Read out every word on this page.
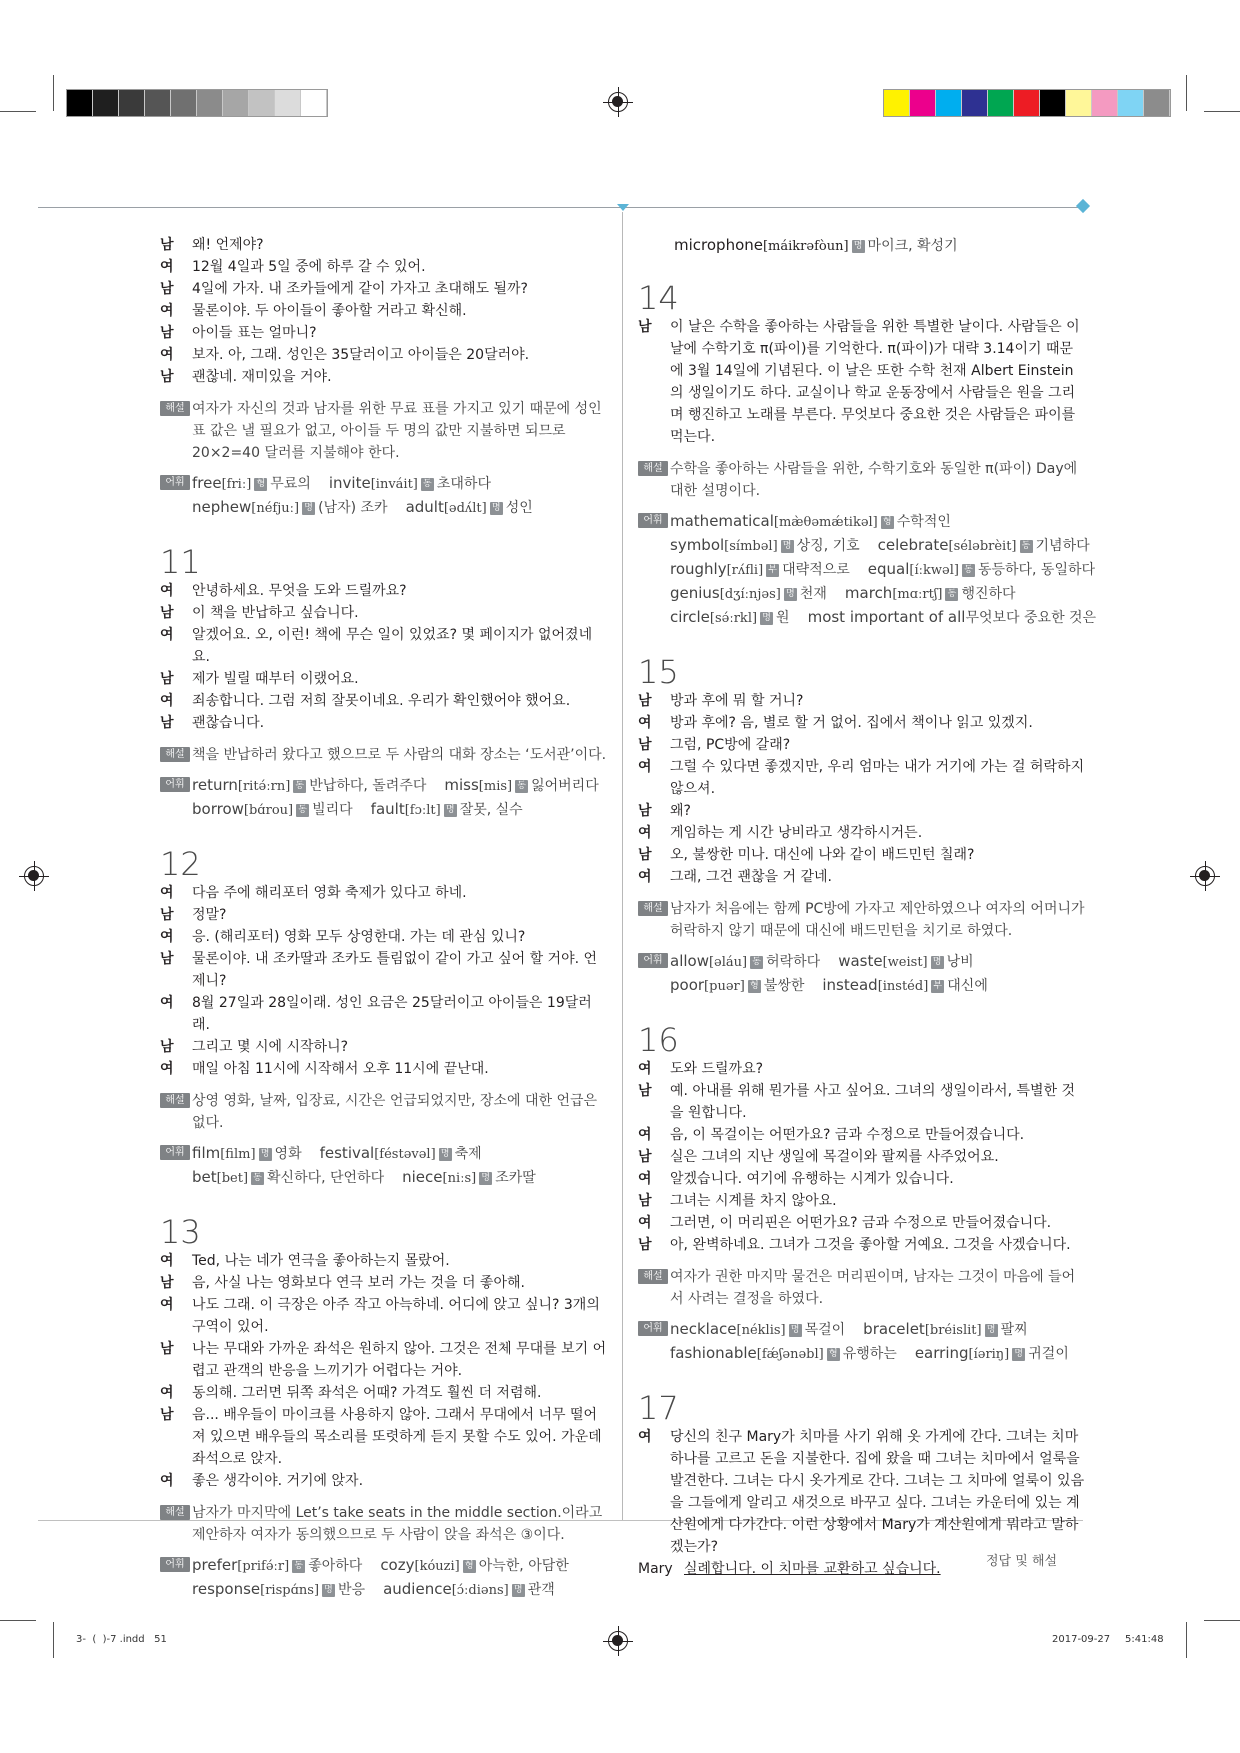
남	왜! 언제야?
여	12월 4일과 5일 중에 하루 갈 수 있어.
남	4일에 가자. 내 조카들에게 같이 가자고 초대해도 될까?
여	물론이야. 두 아이들이 좋아할 거라고 확신해.
남	아이들 표는 얼마니?
여	보자. 아, 그래. 성인은 35달러이고 아이들은 20달러야.
남	괜찮네. 재미있을 거야.
해설 여자가 자신의 것과 남자를 위한 무료 표를 가지고 있기 때문에 성인 표 값은 낼 필요가 없고, 아이들 두 명의 값만 지불하면 되므로 20×2=40 달러를 지불해야 한다.
어휘 free[friː] 형 무료의 invite[inváit] 동 초대하다
nephew[néfjuː] 명 (남자) 조카 adult[ədʌ́lt] 명 성인

11

여	안녕하세요. 무엇을 도와 드릴까요?
남	이 책을 반납하고 싶습니다.
여	알겠어요. 오, 이런! 책에 무슨 일이 있었죠? 몇 페이지가 없어졌네요.
남	제가 빌릴 때부터 이랬어요.
여	죄송합니다. 그럼 저희 잘못이네요. 우리가 확인했어야 했어요.
남	괜찮습니다.
해설 책을 반납하러 왔다고 했으므로 두 사람의 대화 장소는 ‘도서관’이다.
어휘 return[ritə́ːrn] 동 반납하다, 돌려주다 miss[mis] 동 잃어버리다
borrow[bɑ́rou] 동 빌리다 fault[fɔːlt] 명 잘못, 실수

12

여	다음 주에 해리포터 영화 축제가 있다고 하네.
남	정말?
여	응. (해리포터) 영화 모두 상영한대. 가는 데 관심 있니?
남	물론이야. 내 조카딸과 조카도 틀림없이 같이 가고 싶어 할 거야. 언제니?
여	8월 27일과 28일이래. 성인 요금은 25달러이고 아이들은 19달러래.
남	그리고 몇 시에 시작하니?
여	매일 아침 11시에 시작해서 오후 11시에 끝난대.
해설 상영 영화, 날짜, 입장료, 시간은 언급되었지만, 장소에 대한 언급은 없다.
어휘 film[film] 명 영화 festival[féstəvəl] 명 축제
bet[bet] 동 확신하다, 단언하다 niece[niːs] 명 조카딸

13

여	Ted, 나는 네가 연극을 좋아하는지 몰랐어.
남	음, 사실 나는 영화보다 연극 보러 가는 것을 더 좋아해.
여	나도 그래. 이 극장은 아주 작고 아늑하네. 어디에 앉고 싶니? 3개의 구역이 있어.
남	나는 무대와 가까운 좌석은 원하지 않아. 그것은 전체 무대를 보기 어렵고 관객의 반응을 느끼기가 어렵다는 거야.
여	동의해. 그러면 뒤쪽 좌석은 어때? 가격도 훨씬 더 저렴해.
남	음... 배우들이 마이크를 사용하지 않아. 그래서 무대에서 너무 떨어져 있으면 배우들의 목소리를 또렷하게 듣지 못할 수도 있어. 가운데 좌석으로 앉자.
여	좋은 생각이야. 거기에 앉자.
해설 남자가 마지막에 Let’s take seats in the middle section.이라고 제안하자 여자가 동의했으므로 두 사람이 앉을 좌석은 ③이다.
어휘 prefer[prifə́ːr] 동 좋아하다 cozy[kóuzi] 형 아늑한, 아담한
response[rispɑ́ns] 명 반응 audience[ɔ́ːdiəns] 명 관객
microphone[máikrəfòun] 명 마이크, 확성기

14

남	이 날은 수학을 좋아하는 사람들을 위한 특별한 날이다. 사람들은 이 날에 수학기호 π(파이)를 기억한다. π(파이)가 대략 3.14이기 때문에 3월 14일에 기념된다. 이 날은 또한 수학 천재 Albert Einstein의 생일이기도 하다. 교실이나 학교 운동장에서 사람들은 원을 그리며 행진하고 노래를 부른다. 무엇보다 중요한 것은 사람들은 파이를 먹는다.
해설 수학을 좋아하는 사람들을 위한, 수학기호와 동일한 π(파이) Day에 대한 설명이다.
어휘 mathematical[mæ̀θəmǽtikəl] 형 수학적인
symbol[símbəl] 명 상징, 기호 celebrate[séləbrèit] 동 기념하다
roughly[rʌ́fli] 부 대략적으로 equal[íːkwəl] 동 동등하다, 동일하다
genius[dʒíːnjəs] 명 천재 march[mɑːrtʃ] 동 행진하다
circle[sə́ːrkl] 명 원 most important of all무엇보다 중요한 것은

15

남	방과 후에 뭐 할 거니?
여	방과 후에? 음, 별로 할 거 없어. 집에서 책이나 읽고 있겠지.
남	그럼, PC방에 갈래?
여	그럴 수 있다면 좋겠지만, 우리 엄마는 내가 거기에 가는 걸 허락하지 않으셔.
남	왜?
여	게임하는 게 시간 낭비라고 생각하시거든.
남	오, 불쌍한 미나. 대신에 나와 같이 배드민턴 칠래?
여	그래, 그건 괜찮을 거 같네.
해설 남자가 처음에는 함께 PC방에 가자고 제안하였으나 여자의 어머니가 허락하지 않기 때문에 대신에 배드민턴을 치기로 하였다.
어휘 allow[əláu] 동 허락하다 waste[weist] 명 낭비
poor[puər] 형 불쌍한 instead[instéd] 부 대신에

16

여	도와 드릴까요?
남	예. 아내를 위해 뭔가를 사고 싶어요. 그녀의 생일이라서, 특별한 것을 원합니다.
여	음, 이 목걸이는 어떤가요? 금과 수정으로 만들어졌습니다.
남	실은 그녀의 지난 생일에 목걸이와 팔찌를 사주었어요.
여	알겠습니다. 여기에 유행하는 시계가 있습니다.
남	그녀는 시계를 차지 않아요.
여	그러면, 이 머리핀은 어떤가요? 금과 수정으로 만들어졌습니다.
남	아, 완벽하네요. 그녀가 그것을 좋아할 거예요. 그것을 사겠습니다.
해설 여자가 권한 마지막 물건은 머리핀이며, 남자는 그것이 마음에 들어서 사려는 결정을 하였다.
어휘 necklace[néklis] 명 목걸이 bracelet[bréislit] 명 팔찌
fashionable[fǽʃənəbl] 형 유행하는 earring[íəriŋ] 명 귀걸이

17

여	당신의 친구 Mary가 치마를 사기 위해 옷 가게에 간다. 그녀는 치마 하나를 고르고 돈을 지불한다. 집에 왔을 때 그녀는 치마에서 얼룩을 발견한다. 그녀는 다시 옷가게로 간다. 그녀는 그 치마에 얼룩이 있음을 그들에게 알리고 새것으로 바꾸고 싶다. 그녀는 카운터에 있는 계산원에게 다가간다. 이런 상황에서 Mary가 계산원에게 뭐라고 말하겠는가?
Mary 실례합니다. 이 치마를 교환하고 싶습니다.	정답 및 해설
3-  (  )-7 .indd   51	2017-09-27 5:41:48
